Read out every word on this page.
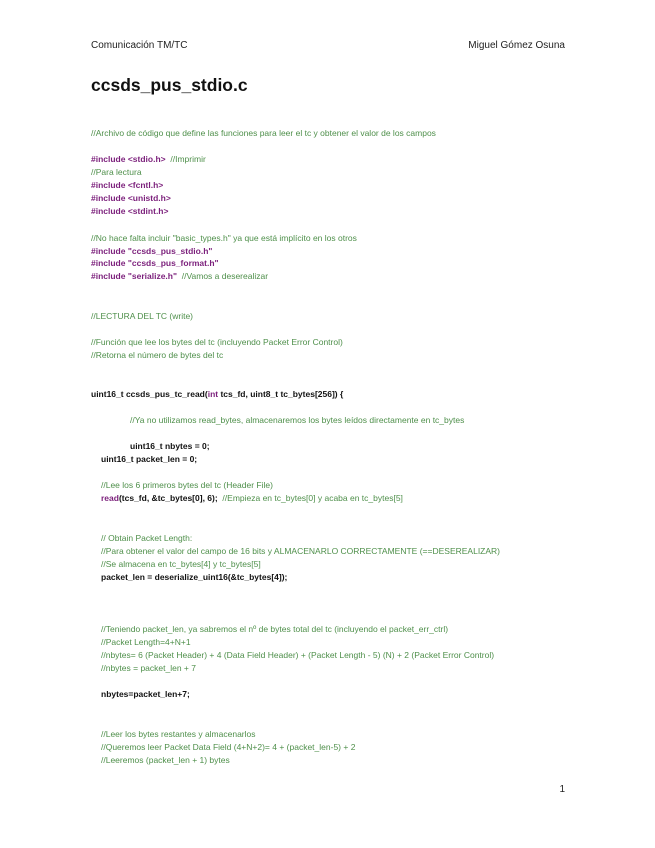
Comunicación TM/TC	Miguel Gómez Osuna
ccsds_pus_stdio.c
//Archivo de código que define las funciones para leer el tc y obtener el valor de los campos
#include <stdio.h> //Imprimir
//Para lectura
#include <fcntl.h>
#include <unistd.h>
#include <stdint.h>
//No hace falta incluir "basic_types.h" ya que está implícito en los otros
#include "ccsds_pus_stdio.h"
#include "ccsds_pus_format.h"
#include "serialize.h" //Vamos a deserealizar
//LECTURA DEL TC (write)
//Función que lee los bytes del tc (incluyendo Packet Error Control)
//Retorna el número de bytes del tc
uint16_t ccsds_pus_tc_read(int tcs_fd, uint8_t tc_bytes[256]) {
//Ya no utilizamos read_bytes, almacenaremos los bytes leídos directamente en tc_bytes
uint16_t nbytes = 0;
uint16_t packet_len = 0;
//Lee los 6 primeros bytes del tc (Header File)
read(tcs_fd, &tc_bytes[0], 6); //Empieza en tc_bytes[0] y acaba en tc_bytes[5]
// Obtain Packet Length:
//Para obtener el valor del campo de 16 bits y ALMACENARLO CORRECTAMENTE (==DESEREALIZAR)
//Se almacena en tc_bytes[4] y tc_bytes[5]
packet_len = deserialize_uint16(&tc_bytes[4]);
//Teniendo packet_len, ya sabremos el nº de bytes total del tc (incluyendo el packet_err_ctrl)
//Packet Length=4+N+1
//nbytes= 6 (Packet Header) + 4 (Data Field Header) + (Packet Length - 5) (N) + 2 (Packet Error Control)
//nbytes = packet_len + 7
nbytes=packet_len+7;
//Leer los bytes restantes y almacenarlos
//Queremos leer Packet Data Field (4+N+2)= 4 + (packet_len-5) + 2
//Leeremos (packet_len + 1) bytes
1
